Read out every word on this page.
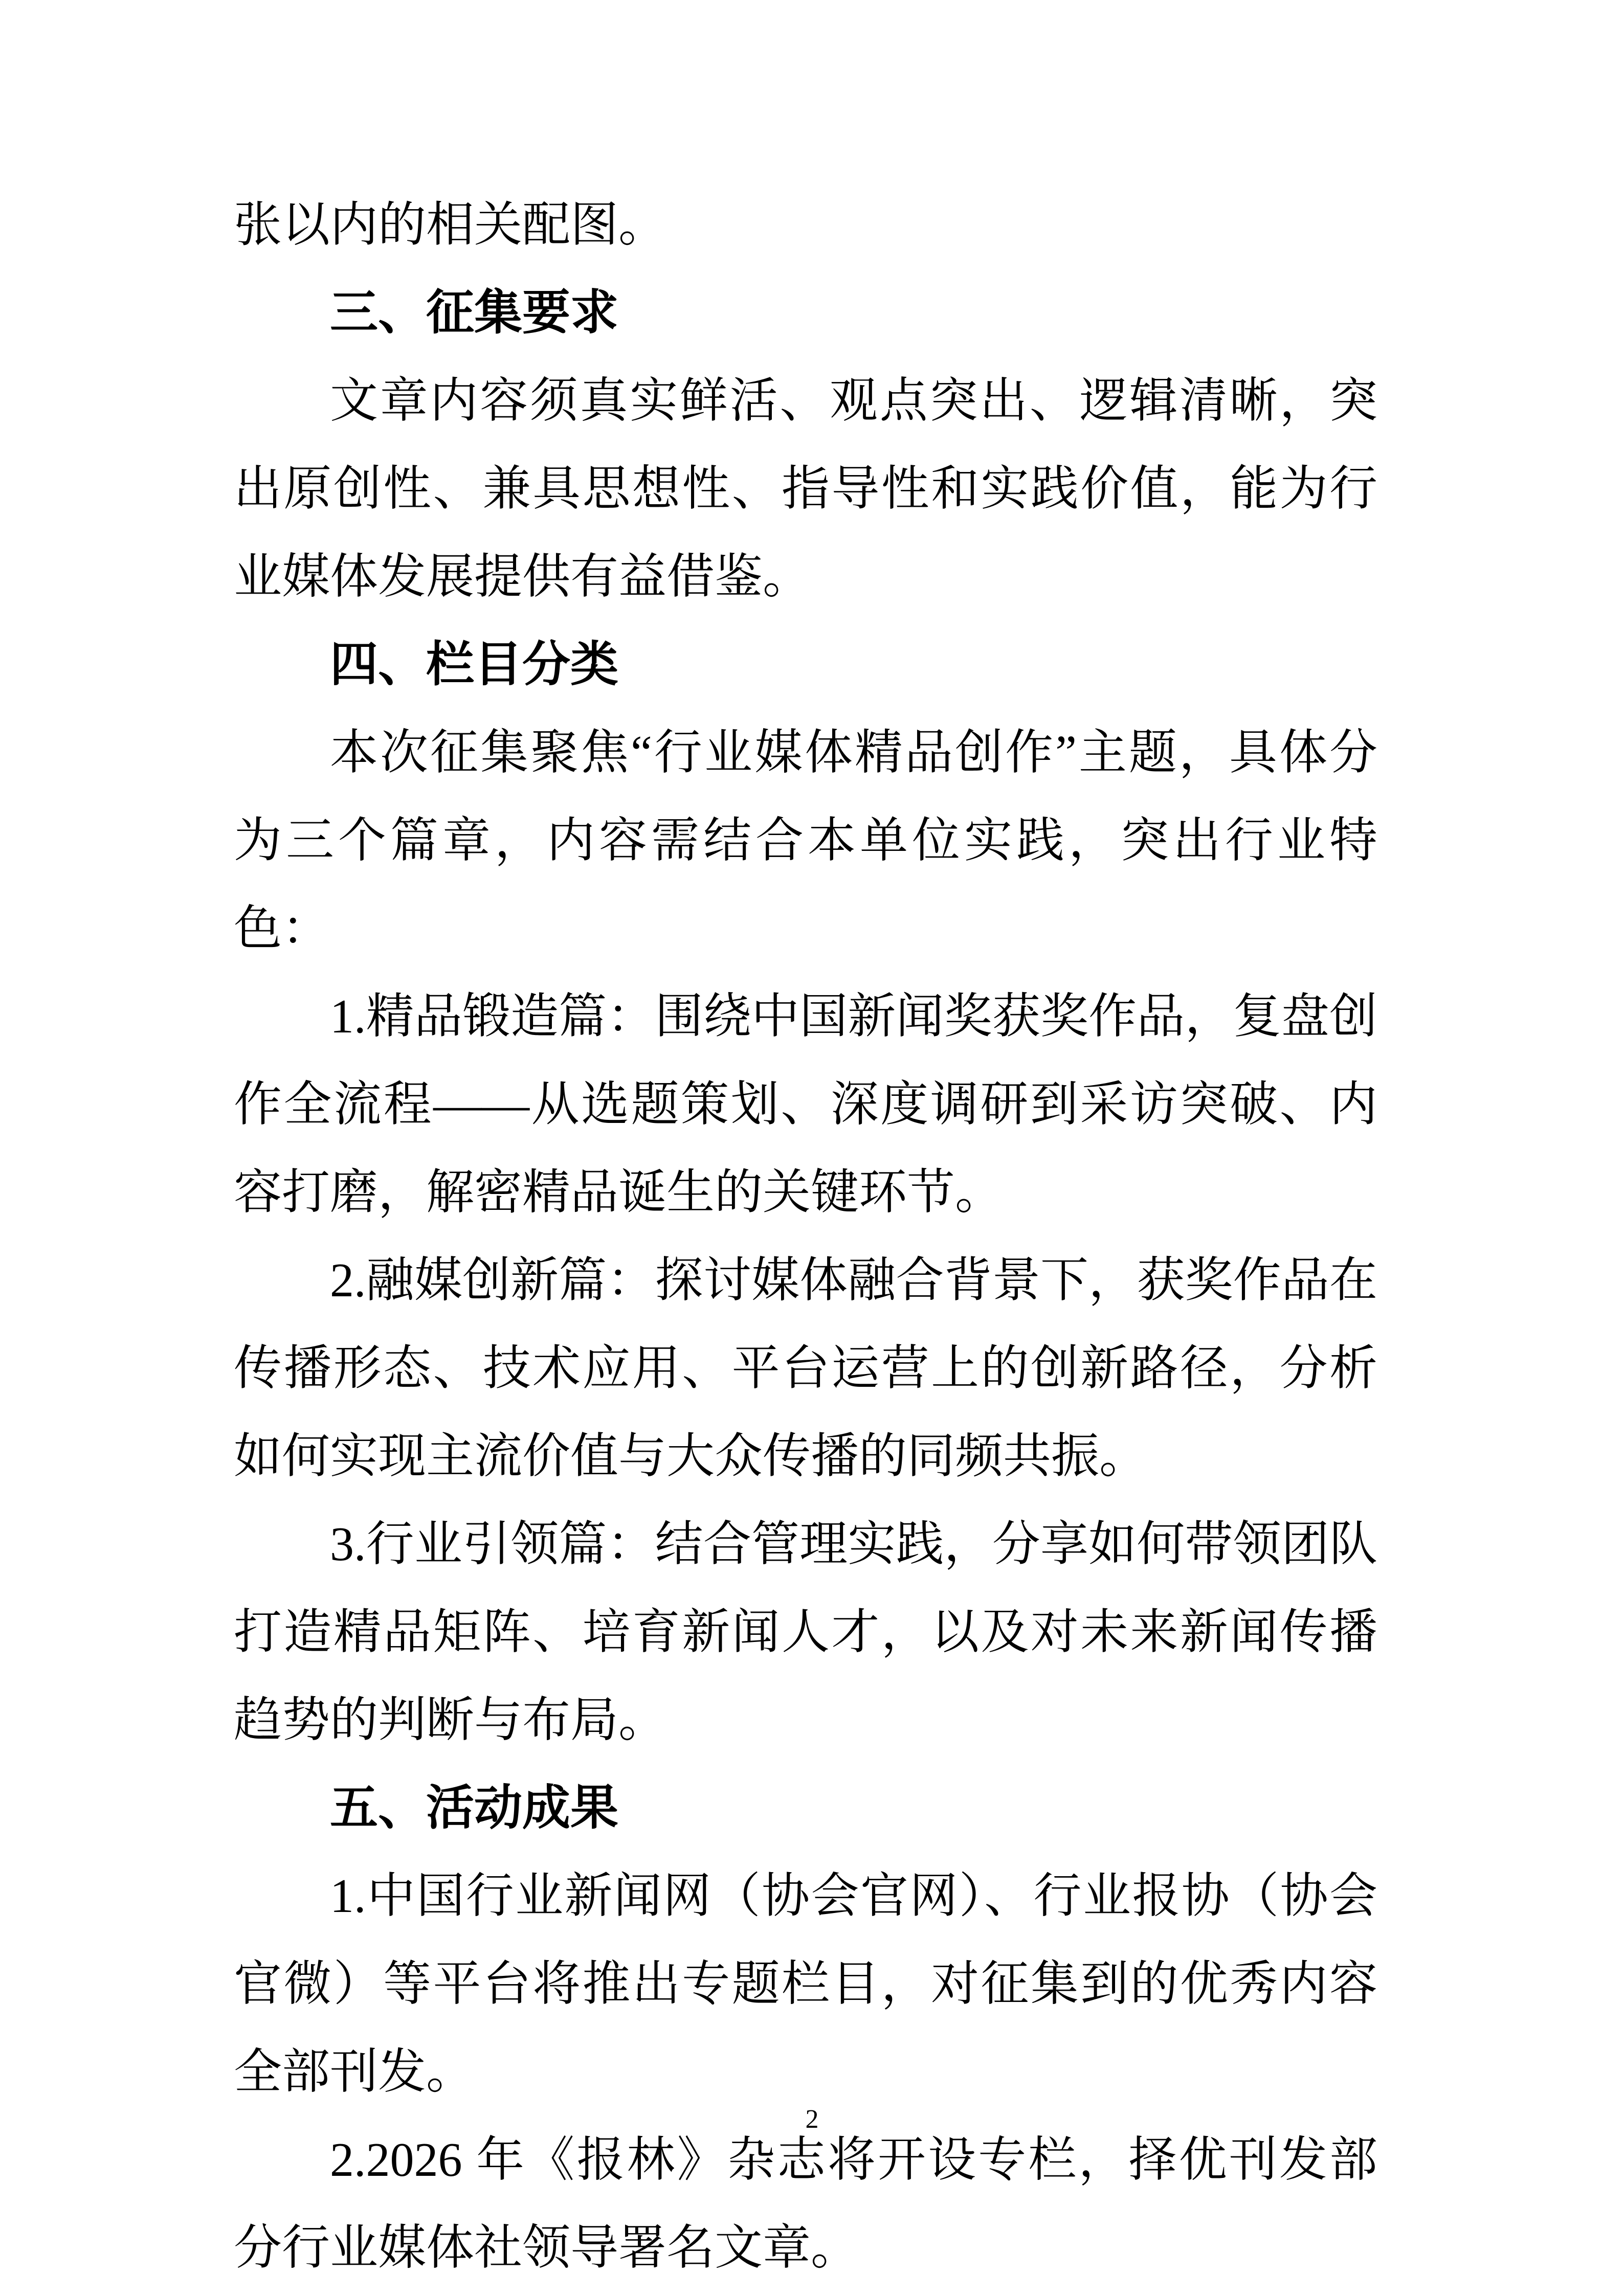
张以内的相关配图。

三、征集要求

文章内容须真实鲜活、观点突出、逻辑清晰，突出原创性、兼具思想性、指导性和实践价值，能为行业媒体发展提供有益借鉴。

四、栏目分类

本次征集聚焦“行业媒体精品创作”主题，具体分为三个篇章，内容需结合本单位实践，突出行业特色：

1.精品锻造篇：围绕中国新闻奖获奖作品，复盘创作全流程——从选题策划、深度调研到采访突破、内容打磨，解密精品诞生的关键环节。

2.融媒创新篇：探讨媒体融合背景下，获奖作品在传播形态、技术应用、平台运营上的创新路径，分析如何实现主流价值与大众传播的同频共振。

3.行业引领篇：结合管理实践，分享如何带领团队打造精品矩阵、培育新闻人才，以及对未来新闻传播趋势的判断与布局。

五、活动成果

1.中国行业新闻网（协会官网）、行业报协（协会官微）等平台将推出专题栏目，对征集到的优秀内容全部刊发。

2.2026 年《报林》杂志将开设专栏，择优刊发部分行业媒体社领导署名文章。

2
